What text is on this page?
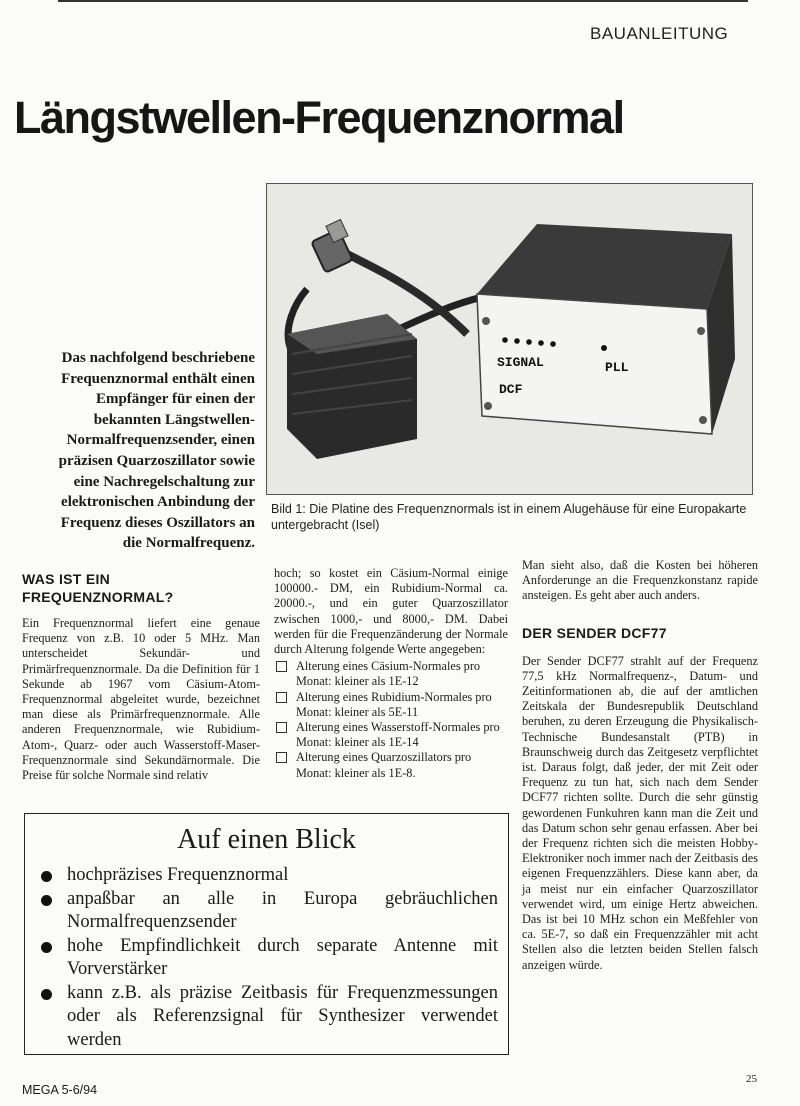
BAUANLEITUNG
Längstwellen-Frequenznormal
Das nachfolgend beschriebene
Frequenznormal enthält einen
Empfänger für einen der
bekannten Längstwellen-
Normalfrequenzsender, einen
präzisen Quarzoszillator sowie
eine Nachregelschaltung zur
elektronischen Anbindung der
Frequenz dieses Oszillators an
die Normalfrequenz.
SIGNAL	PLL
DCF
Bild 1: Die Platine des Frequenznormals ist in einem Alugehäuse für eine Europakarte untergebracht (Isel)
WAS IST EIN FREQUENZNORMAL?
Ein Frequenznormal liefert eine genaue Frequenz von z.B. 10 oder 5 MHz. Man unterscheidet Sekundär- und Primärfrequenznormale. Da die Definition für 1 Sekunde ab 1967 vom Cäsium-Atom-Frequenznormal abgeleitet wurde, bezeichnet man diese als Primärfrequenznormale. Alle anderen Frequenznormale, wie Rubidium-Atom-, Quarz- oder auch Wasserstoff-Maser-Frequenznormale sind Sekundärnormale. Die Preise für solche Normale sind relativ
hoch; so kostet ein Cäsium-Normal einige 100000.- DM, ein Rubidium-Normal ca. 20000.-, und ein guter Quarzoszillator zwischen 1000,- und 8000,- DM. Dabei werden für die Frequenzänderung der Normale durch Alterung folgende Werte angegeben:
Alterung eines Cäsium-Normales pro Monat: kleiner als 1E-12
Alterung eines Rubidium-Normales pro Monat: kleiner als 5E-11
Alterung eines Wasserstoff-Normales pro Monat: kleiner als 1E-14
Alterung eines Quarzoszillators pro Monat: kleiner als 1E-8.
Man sieht also, daß die Kosten bei höheren Anforderunge an die Frequenzkonstanz rapide ansteigen. Es geht aber auch anders.
DER SENDER DCF77
Der Sender DCF77 strahlt auf der Frequenz 77,5 kHz Normalfrequenz-, Datum- und Zeitinformationen ab, die auf der amtlichen Zeitskala der Bundesrepublik Deutschland beruhen, zu deren Erzeugung die Physikalisch-Technische Bundesanstalt (PTB) in Braunschweig durch das Zeitgesetz verpflichtet ist. Daraus folgt, daß jeder, der mit Zeit oder Frequenz zu tun hat, sich nach dem Sender DCF77 richten sollte. Durch die sehr günstig gewordenen Funkuhren kann man die Zeit und das Datum schon sehr genau erfassen. Aber bei der Frequenz richten sich die meisten Hobby-Elektroniker noch immer nach der Zeitbasis des eigenen Frequenzzählers. Diese kann aber, da ja meist nur ein einfacher Quarzoszillator verwendet wird, um einige Hertz abweichen. Das ist bei 10 MHz schon ein Meßfehler von ca. 5E-7, so daß ein Frequenzzähler mit acht Stellen also die letzten beiden Stellen falsch anzeigen würde.
Auf einen Blick
hochpräzises Frequenznormal
anpaßbar an alle in Europa gebräuchlichen Normalfrequenzsender
hohe Empfindlichkeit durch separate Antenne mit Vorverstärker
kann z.B. als präzise Zeitbasis für Frequenzmessungen oder als Referenzsignal für Synthesizer verwendet werden
MEGA 5-6/94
25
